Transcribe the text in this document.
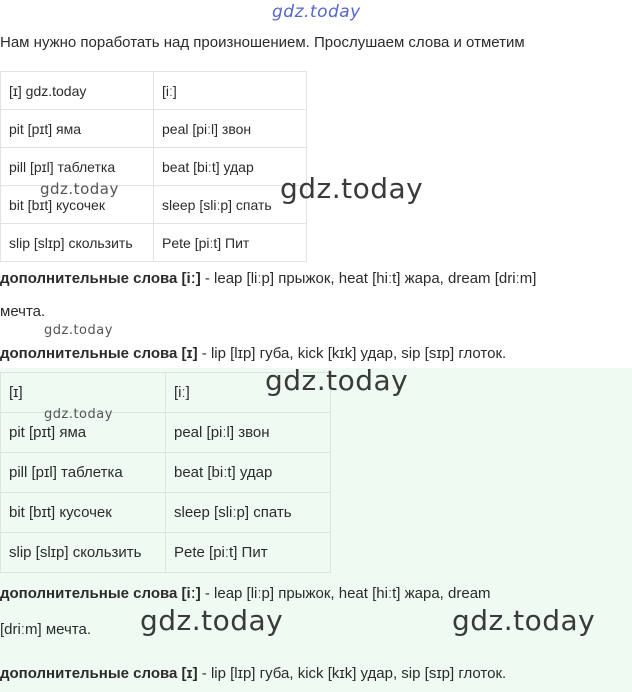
gdz.today
Нам нужно поработать над произношением. Прослушаем слова и отметим
[ɪ] gdz.today	[iː]
pit [pɪt] яма	peal [piːl] звон
pill [pɪl] таблетка	beat [biːt] удар
bit [bɪt] кусочек	sleep [sliːp] спать
slip [slɪp] скользить	Pete [piːt] Пит
gdz.today	gdz.today
дополнительные слова [iː] - leap [liːp] прыжок, heat [hiːt] жара, dream [driːm]
мечта.
gdz.today
дополнительные слова [ɪ] - lip [lɪp] губа, kick [kɪk] удар, sip [sɪp] глоток.
[ɪ]	[iː]
pit [pɪt] яма	peal [piːl] звон
pill [pɪl] таблетка	beat [biːt] удар
bit [bɪt] кусочек	sleep [sliːp] спать
slip [slɪp] скользить	Pete [piːt] Пит
gdz.today
gdz.today
дополнительные слова [iː] - leap [liːp] прыжок, heat [hiːt] жара, dream
[driːm] мечта. gdz.today	gdz.today
дополнительные слова [ɪ] - lip [lɪp] губа, kick [kɪk] удар, sip [sɪp] глоток.
